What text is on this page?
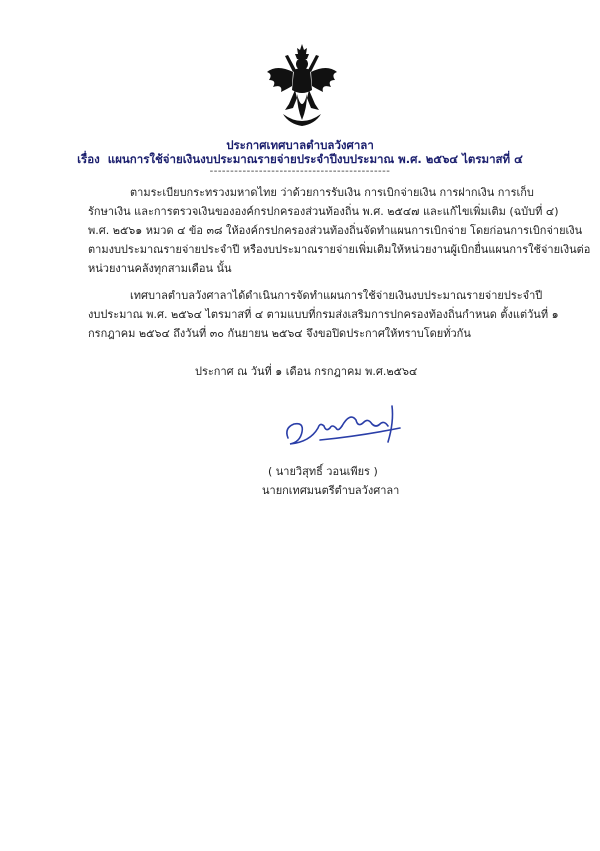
ประกาศเทศบาลตำบลวังศาลา
เรื่อง แผนการใช้จ่ายเงินงบประมาณรายจ่ายประจำปีงบประมาณ พ.ศ. ๒๕๖๔ ไตรมาสที่ ๔
--------------------------------------------
ตามระเบียบกระทรวงมหาดไทย ว่าด้วยการรับเงิน การเบิกจ่ายเงิน การฝากเงิน การเก็บ
รักษาเงิน และการตรวจเงินขององค์กรปกครองส่วนท้องถิ่น พ.ศ. ๒๕๔๗ และแก้ไขเพิ่มเติม (ฉบับที่ ๔)
พ.ศ. ๒๕๖๑ หมวด ๔ ข้อ ๓๘ ให้องค์กรปกครองส่วนท้องถิ่นจัดทำแผนการเบิกจ่าย โดยก่อนการเบิกจ่ายเงิน
ตามงบประมาณรายจ่ายประจำปี หรืองบประมาณรายจ่ายเพิ่มเติมให้หน่วยงานผู้เบิกยื่นแผนการใช้จ่ายเงินต่อ
หน่วยงานคลังทุกสามเดือน นั้น
เทศบาลตำบลวังศาลาได้ดำเนินการจัดทำแผนการใช้จ่ายเงินงบประมาณรายจ่ายประจำปี
งบประมาณ พ.ศ. ๒๕๖๔ ไตรมาสที่ ๔ ตามแบบที่กรมส่งเสริมการปกครองท้องถิ่นกำหนด ตั้งแต่วันที่ ๑
กรกฎาคม ๒๕๖๔ ถึงวันที่ ๓๐ กันยายน ๒๕๖๔ จึงขอปิดประกาศให้ทราบโดยทั่วกัน
ประกาศ ณ วันที่ ๑ เดือน กรกฎาคม พ.ศ.๒๕๖๔
( นายวิสุทธิ์ วอนเพียร )
นายกเทศมนตรีตำบลวังศาลา
